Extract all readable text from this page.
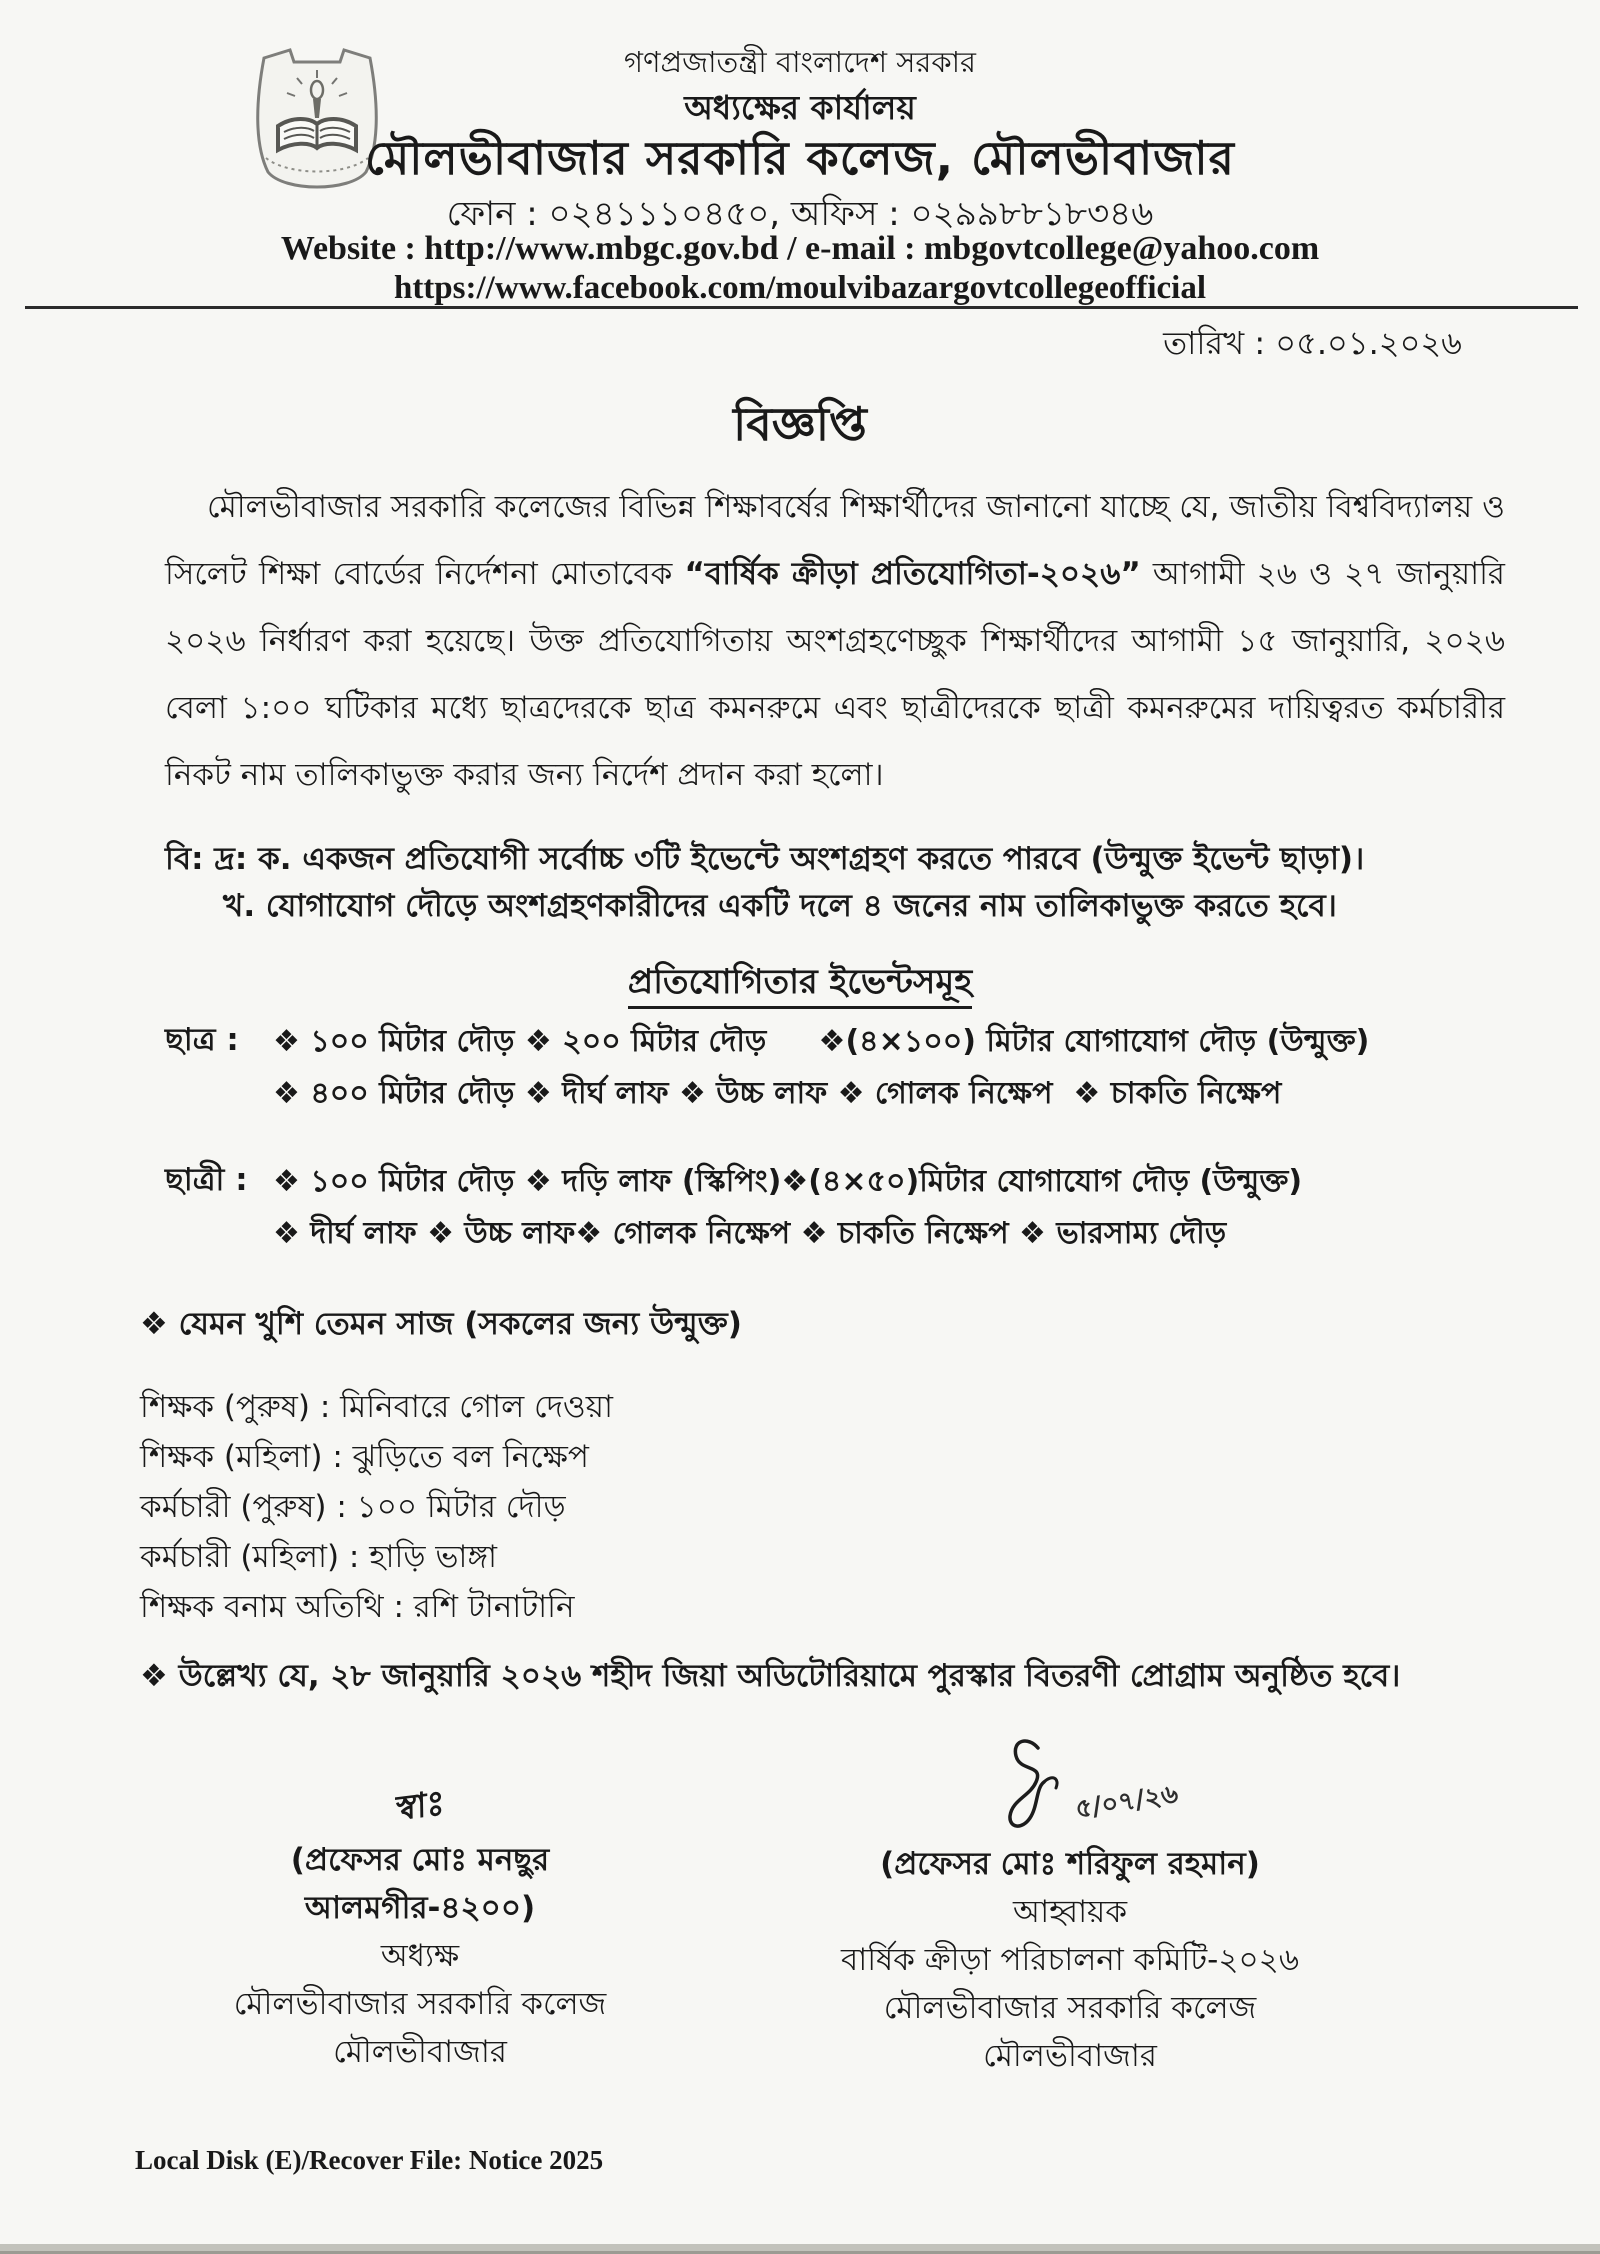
গণপ্রজাতন্ত্রী বাংলাদেশ সরকার
অধ্যক্ষের কার্যালয়
মৌলভীবাজার সরকারি কলেজ, মৌলভীবাজার
ফোন : ০২৪১১১০৪৫০, অফিস : ০২৯৯৮৮১৮৩৪৬
Website : http://www.mbgc.gov.bd / e-mail : mbgovtcollege@yahoo.com
https://www.facebook.com/moulvibazargovtcollegeofficial
তারিখ : ০৫.০১.২০২৬
বিজ্ঞপ্তি
মৌলভীবাজার সরকারি কলেজের বিভিন্ন শিক্ষাবর্ষের শিক্ষার্থীদের জানানো যাচ্ছে যে, জাতীয় বিশ্ববিদ্যালয় ও সিলেট শিক্ষা বোর্ডের নির্দেশনা মোতাবেক “বার্ষিক ক্রীড়া প্রতিযোগিতা-২০২৬” আগামী ২৬ ও ২৭ জানুয়ারি ২০২৬ নির্ধারণ করা হয়েছে। উক্ত প্রতিযোগিতায় অংশগ্রহণেচ্ছুক শিক্ষার্থীদের আগামী ১৫ জানুয়ারি, ২০২৬ বেলা ১:০০ ঘটিকার মধ্যে ছাত্রদেরকে ছাত্র কমনরুমে এবং ছাত্রীদেরকে ছাত্রী কমনরুমের দায়িত্বরত কর্মচারীর নিকট নাম তালিকাভুক্ত করার জন্য নির্দেশ প্রদান করা হলো।
বি: দ্র: ক. একজন প্রতিযোগী সর্বোচ্চ ৩টি ইভেন্টে অংশগ্রহণ করতে পারবে (উন্মুক্ত ইভেন্ট ছাড়া)।
খ. যোগাযোগ দৌড়ে অংশগ্রহণকারীদের একটি দলে ৪ জনের নাম তালিকাভুক্ত করতে হবে।
প্রতিযোগিতার ইভেন্টসমূহ
ছাত্র :	❖ ১০০ মিটার দৌড় ❖ ২০০ মিটার দৌড়     ❖(৪×১০০) মিটার যোগাযোগ দৌড় (উন্মুক্ত)
❖ ৪০০ মিটার দৌড় ❖ দীর্ঘ লাফ ❖ উচ্চ লাফ ❖ গোলক নিক্ষেপ  ❖ চাকতি নিক্ষেপ
ছাত্রী : ❖ ১০০ মিটার দৌড় ❖ দড়ি লাফ (স্কিপিং)❖(৪×৫০)মিটার যোগাযোগ দৌড় (উন্মুক্ত)
❖ দীর্ঘ লাফ ❖ উচ্চ লাফ❖ গোলক নিক্ষেপ ❖ চাকতি নিক্ষেপ ❖ ভারসাম্য দৌড়
❖ যেমন খুশি তেমন সাজ (সকলের জন্য উন্মুক্ত)
শিক্ষক (পুরুষ) : মিনিবারে গোল দেওয়া
শিক্ষক (মহিলা) : ঝুড়িতে বল নিক্ষেপ
কর্মচারী (পুরুষ) : ১০০ মিটার দৌড়
কর্মচারী (মহিলা) : হাড়ি ভাঙ্গা
শিক্ষক বনাম অতিথি : রশি টানাটানি
❖ উল্লেখ্য যে, ২৮ জানুয়ারি ২০২৬ শহীদ জিয়া অডিটোরিয়ামে পুরস্কার বিতরণী প্রোগ্রাম অনুষ্ঠিত হবে।
স্বাঃ
(প্রফেসর মোঃ মনছুর আলমগীর-৪২০০)
অধ্যক্ষ
মৌলভীবাজার সরকারি কলেজ
মৌলভীবাজার
৫/০৭/২৬
(প্রফেসর মোঃ শরিফুল রহমান)
আহ্বায়ক
বার্ষিক ক্রীড়া পরিচালনা কমিটি-২০২৬
মৌলভীবাজার সরকারি কলেজ
মৌলভীবাজার
Local Disk (E)/Recover File: Notice 2025
